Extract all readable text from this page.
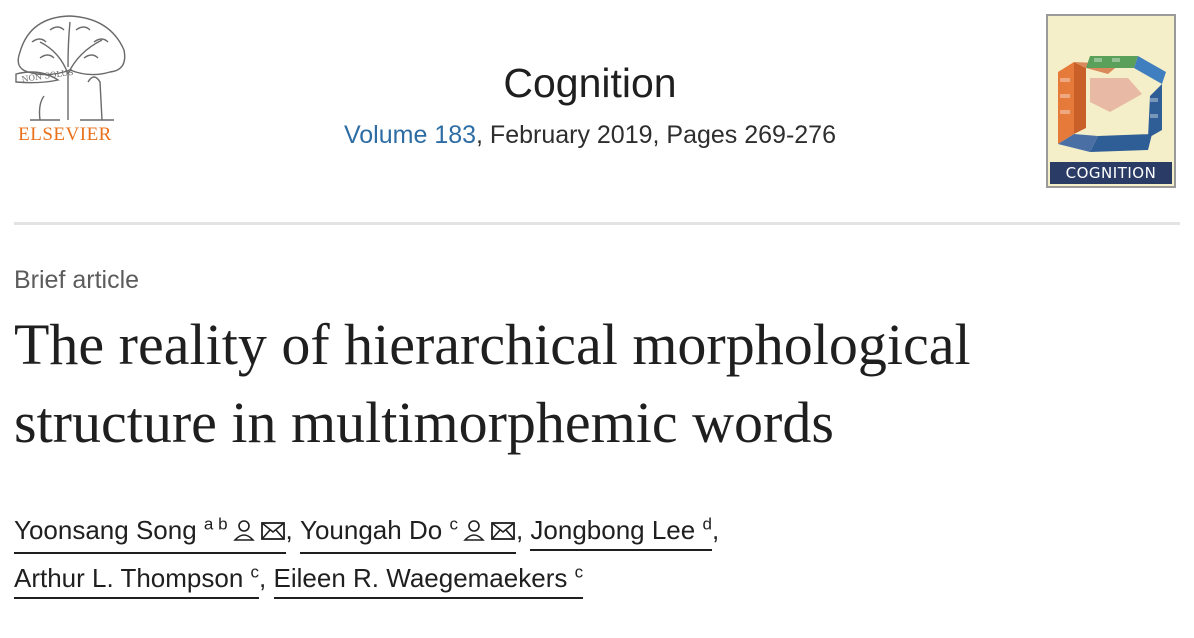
NON SOLUS
ELSEVIER
Cognition
Volume 183, February 2019, Pages 269-276
COGNITION
Brief article
The reality of hierarchical morphological
structure in multimorphemic words
Yoonsang Song $^{a b}$ , Youngah Do $^c$ , Jongbong Lee $^d$,
Arthur L. Thompson $^c$, Eileen R. Waegemaekers $^c$
